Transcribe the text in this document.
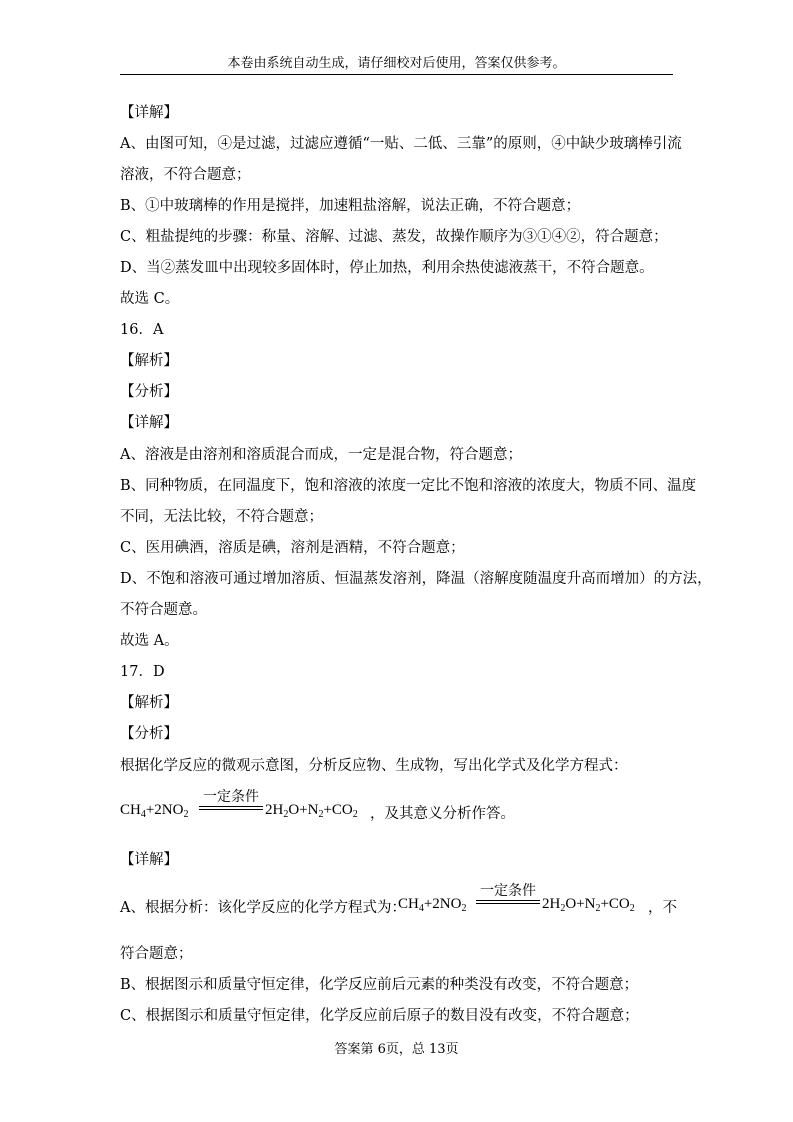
本卷由系统自动生成，请仔细校对后使用，答案仅供参考。
【详解】
A、由图可知，④是过滤，过滤应遵循“一贴、二低、三靠”的原则，④中缺少玻璃棒引流
溶液，不符合题意；
B、①中玻璃棒的作用是搅拌，加速粗盐溶解，说法正确，不符合题意；
C、粗盐提纯的步骤：称量、溶解、过滤、蒸发，故操作顺序为③①④②，符合题意；
D、当②蒸发皿中出现较多固体时，停止加热，利用余热使滤液蒸干，不符合题意。
故选 C。
16．A
【解析】
【分析】
【详解】
A、溶液是由溶剂和溶质混合而成，一定是混合物，符合题意；
B、同种物质，在同温度下，饱和溶液的浓度一定比不饱和溶液的浓度大，物质不同、温度
不同，无法比较，不符合题意；
C、医用碘酒，溶质是碘，溶剂是酒精，不符合题意；
D、不饱和溶液可通过增加溶质、恒温蒸发溶剂，降温（溶解度随温度升高而增加）的方法，
不符合题意。
故选 A。
17．D
【解析】
【分析】
根据化学反应的微观示意图，分析反应物、生成物，写出化学式及化学方程式：
$CH_4+2NO_2$
一定条件
$2H_2O+N_2+CO_2$ ，及其意义分析作答。
【详解】
A、根据分析：该化学反应的化学方程式为：
$CH_4+2NO_2$
一定条件
$2H_2O+N_2+CO_2$ ，不
符合题意；
B、根据图示和质量守恒定律，化学反应前后元素的种类没有改变，不符合题意；
C、根据图示和质量守恒定律，化学反应前后原子的数目没有改变，不符合题意；
答案第 6页，总 13页
